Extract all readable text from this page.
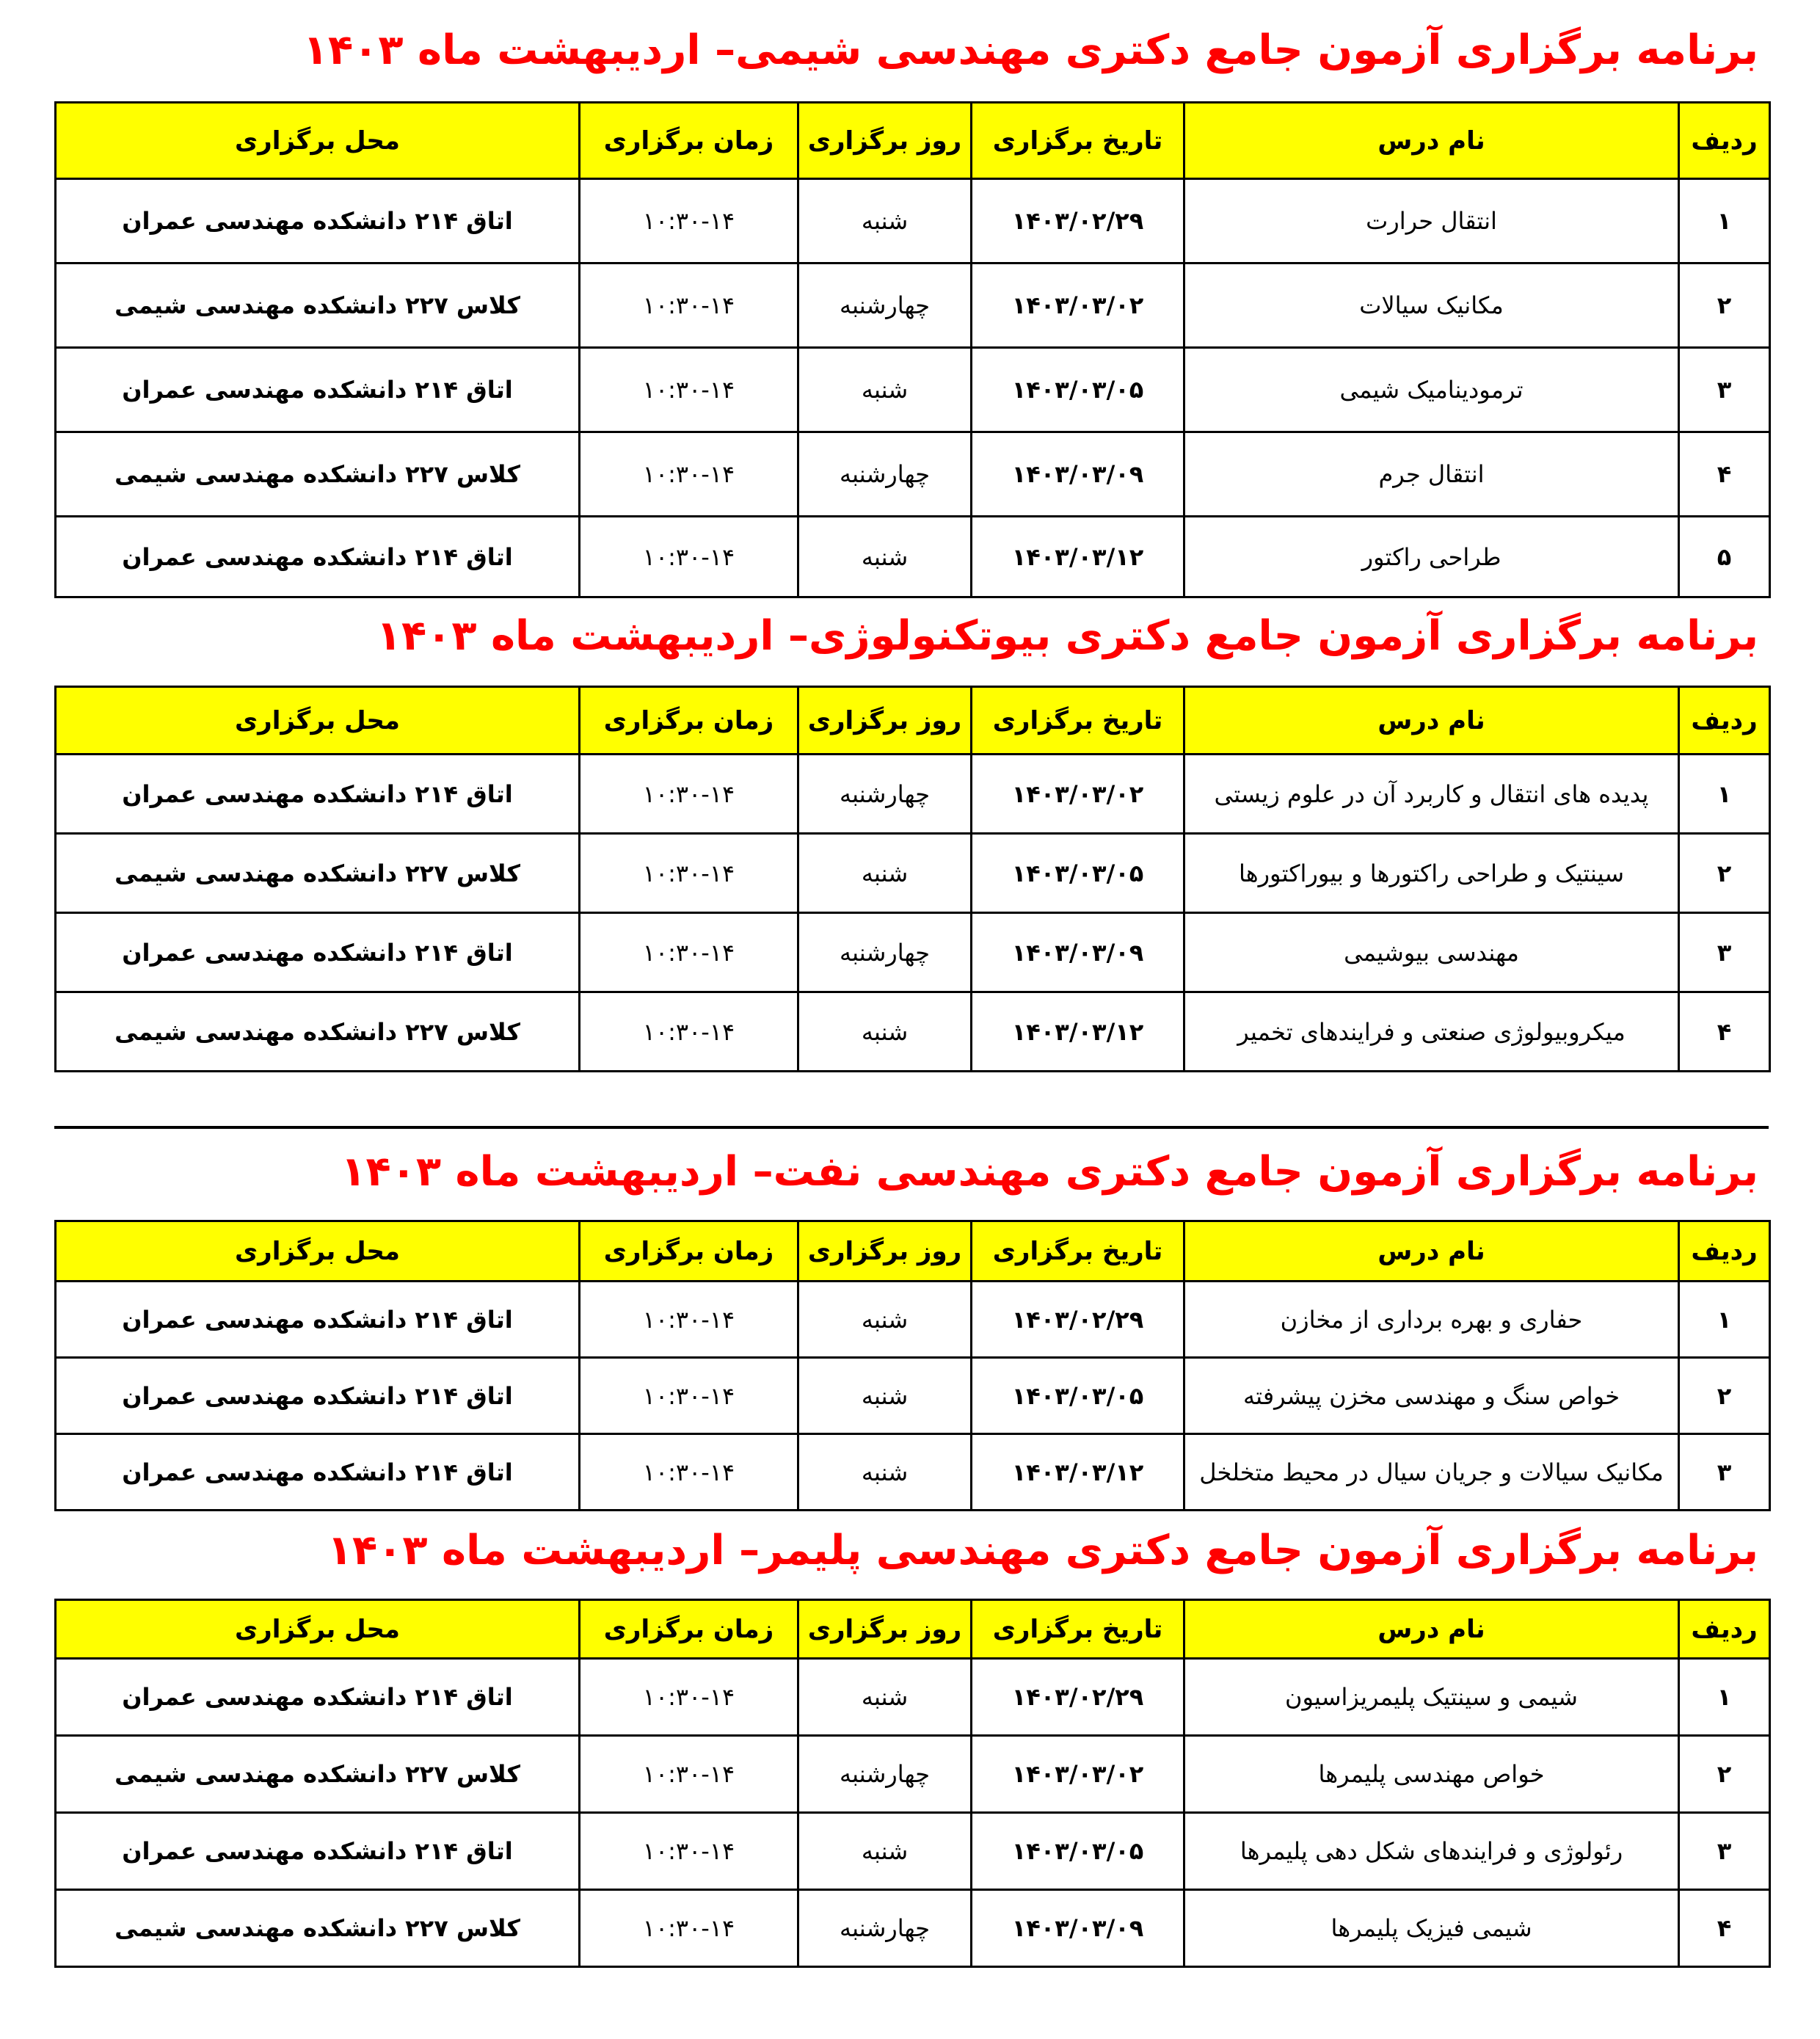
برنامه برگزاری آزمون جامع دکتری مهندسی شیمی– اردیبهشت ماه ۱۴۰۳
ردیف	نام درس	تاریخ برگزاری	روز برگزاری	زمان برگزاری	محل برگزاری
۱	انتقال حرارت	۱۴۰۳/۰۲/۲۹	شنبه	۱۰:۳۰-۱۴	اتاق ۲۱۴ دانشکده مهندسی عمران
۲	مکانیک سیالات	۱۴۰۳/۰۳/۰۲	چهارشنبه	۱۰:۳۰-۱۴	کلاس ۲۲۷ دانشکده مهندسی شیمی
۳	ترمودینامیک شیمی	۱۴۰۳/۰۳/۰۵	شنبه	۱۰:۳۰-۱۴	اتاق ۲۱۴ دانشکده مهندسی عمران
۴	انتقال جرم	۱۴۰۳/۰۳/۰۹	چهارشنبه	۱۰:۳۰-۱۴	کلاس ۲۲۷ دانشکده مهندسی شیمی
۵	طراحی راکتور	۱۴۰۳/۰۳/۱۲	شنبه	۱۰:۳۰-۱۴	اتاق ۲۱۴ دانشکده مهندسی عمران
برنامه برگزاری آزمون جامع دکتری بیوتکنولوژی– اردیبهشت ماه ۱۴۰۳
ردیف	نام درس	تاریخ برگزاری	روز برگزاری	زمان برگزاری	محل برگزاری
۱	پدیده های انتقال و کاربرد آن در علوم زیستی	۱۴۰۳/۰۳/۰۲	چهارشنبه	۱۰:۳۰-۱۴	اتاق ۲۱۴ دانشکده مهندسی عمران
۲	سینتیک و طراحی راکتورها و بیوراکتورها	۱۴۰۳/۰۳/۰۵	شنبه	۱۰:۳۰-۱۴	کلاس ۲۲۷ دانشکده مهندسی شیمی
۳	مهندسی بیوشیمی	۱۴۰۳/۰۳/۰۹	چهارشنبه	۱۰:۳۰-۱۴	اتاق ۲۱۴ دانشکده مهندسی عمران
۴	میکروبیولوژی صنعتی و فرایندهای تخمیر	۱۴۰۳/۰۳/۱۲	شنبه	۱۰:۳۰-۱۴	کلاس ۲۲۷ دانشکده مهندسی شیمی
برنامه برگزاری آزمون جامع دکتری مهندسی نفت– اردیبهشت ماه ۱۴۰۳
ردیف	نام درس	تاریخ برگزاری	روز برگزاری	زمان برگزاری	محل برگزاری
۱	حفاری و بهره برداری از مخازن	۱۴۰۳/۰۲/۲۹	شنبه	۱۰:۳۰-۱۴	اتاق ۲۱۴ دانشکده مهندسی عمران
۲	خواص سنگ و مهندسی مخزن پیشرفته	۱۴۰۳/۰۳/۰۵	شنبه	۱۰:۳۰-۱۴	اتاق ۲۱۴ دانشکده مهندسی عمران
۳	مکانیک سیالات و جریان سیال در محیط متخلخل	۱۴۰۳/۰۳/۱۲	شنبه	۱۰:۳۰-۱۴	اتاق ۲۱۴ دانشکده مهندسی عمران
برنامه برگزاری آزمون جامع دکتری مهندسی پلیمر– اردیبهشت ماه ۱۴۰۳
ردیف	نام درس	تاریخ برگزاری	روز برگزاری	زمان برگزاری	محل برگزاری
۱	شیمی و سینتیک پلیمریزاسیون	۱۴۰۳/۰۲/۲۹	شنبه	۱۰:۳۰-۱۴	اتاق ۲۱۴ دانشکده مهندسی عمران
۲	خواص مهندسی پلیمرها	۱۴۰۳/۰۳/۰۲	چهارشنبه	۱۰:۳۰-۱۴	کلاس ۲۲۷ دانشکده مهندسی شیمی
۳	رئولوژی و فرایندهای شکل دهی پلیمرها	۱۴۰۳/۰۳/۰۵	شنبه	۱۰:۳۰-۱۴	اتاق ۲۱۴ دانشکده مهندسی عمران
۴	شیمی فیزیک پلیمرها	۱۴۰۳/۰۳/۰۹	چهارشنبه	۱۰:۳۰-۱۴	کلاس ۲۲۷ دانشکده مهندسی شیمی
